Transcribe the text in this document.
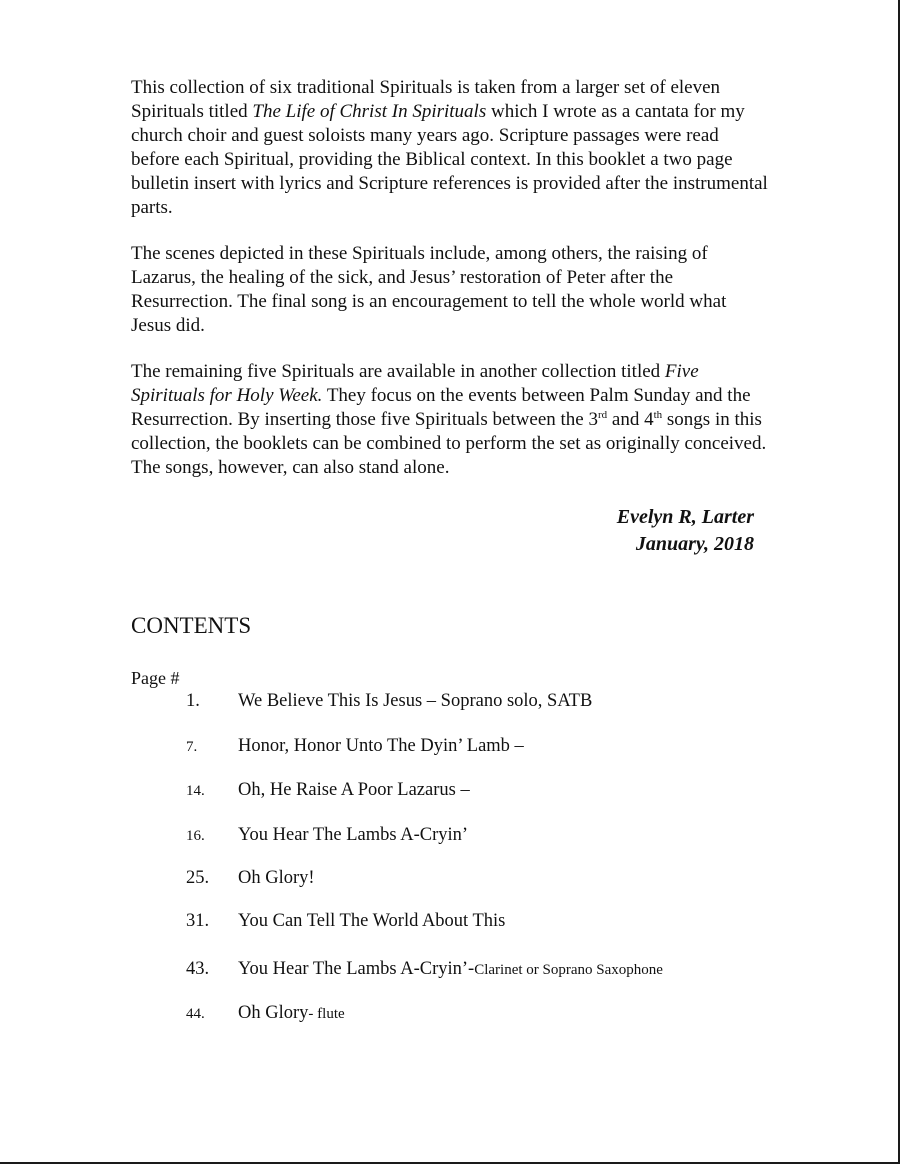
This collection of six traditional Spirituals is taken from a larger set of eleven Spirituals titled The Life of Christ In Spirituals which I wrote as a cantata for my church choir and guest soloists many years ago. Scripture passages were read before each Spiritual, providing the Biblical context. In this booklet a two page bulletin insert with lyrics and Scripture references is provided after the instrumental parts.

The scenes depicted in these Spirituals include, among others, the raising of Lazarus, the healing of the sick, and Jesus’ restoration of Peter after the Resurrection. The final song is an encouragement to tell the whole world what Jesus did.

The remaining five Spirituals are available in another collection titled Five Spirituals for Holy Week. They focus on the events between Palm Sunday and the Resurrection. By inserting those five Spirituals between the 3rd and 4th songs in this collection, the booklets can be combined to perform the set as originally conceived. The songs, however, can also stand alone.

Evelyn R, Larter
January, 2018
CONTENTS
Page #
1. We Believe This Is Jesus – Soprano solo, SATB
7. Honor, Honor Unto The Dyin’ Lamb –
14. Oh, He Raise A Poor Lazarus –
16. You Hear The Lambs A-Cryin’
25. Oh Glory!
31. You Can Tell The World About This
43. You Hear The Lambs A-Cryin’-Clarinet or Soprano Saxophone
44. Oh Glory- flute
